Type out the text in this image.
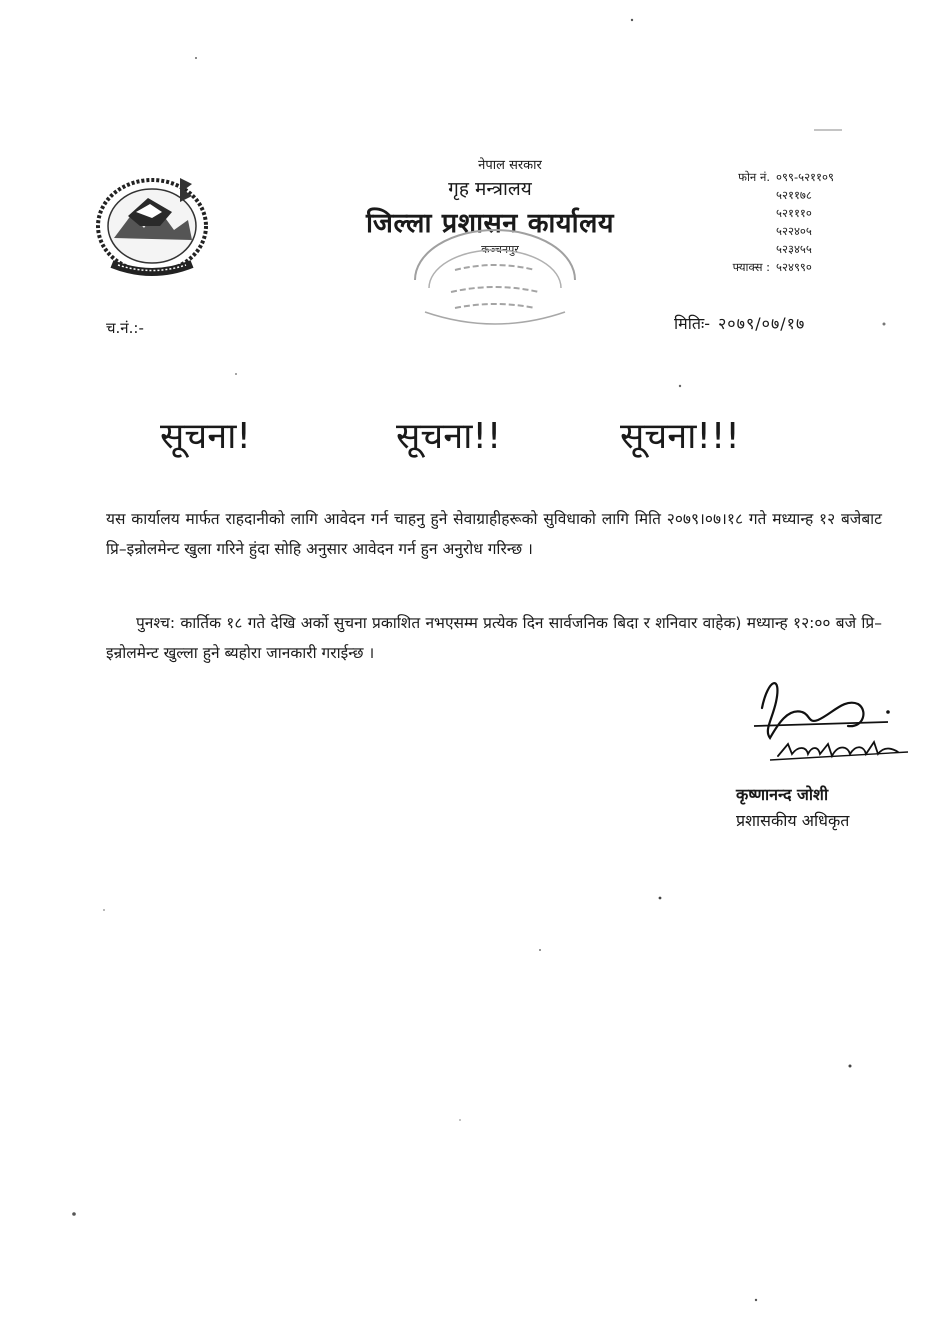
नेपाल सरकार
गृह मन्त्रालय
जिल्ला प्रशासन कार्यालय
कञ्चनपुर
फोन नं. ०९९-५२११०९
५२११७८
५२१११०
५२२४०५
५२३४५५
फ्याक्स : ५२४९९०
च.नं.:-	मितिः- २०७९/०७/१७
सूचना!	सूचना!!	सूचना!!!
यस कार्यालय मार्फत राहदानीको लागि आवेदन गर्न चाहनु हुने सेवाग्राहीहरूको सुविधाको लागि मिति २०७९।०७।१८ गते मध्यान्ह १२ बजेबाट प्रि–इन्रोलमेन्ट खुला गरिने हुंदा सोहि अनुसार आवेदन गर्न हुन अनुरोध गरिन्छ ।
पुनश्च: कार्तिक १८ गते देखि अर्को सुचना प्रकाशित नभएसम्म प्रत्येक दिन सार्वजनिक बिदा र शनिवार वाहेक) मध्यान्ह १२:०० बजे प्रि–इन्रोलमेन्ट खुल्ला हुने ब्यहोरा जानकारी गराईन्छ ।
कृष्णानन्द जोशी
प्रशासकीय अधिकृत
